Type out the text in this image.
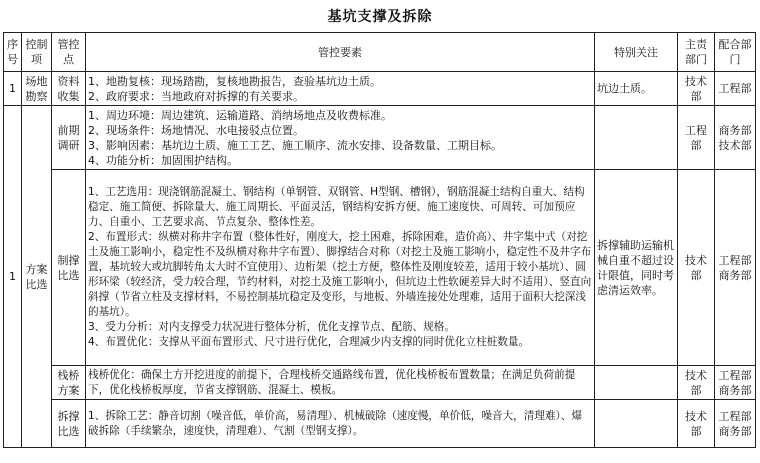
基坑支撑及拆除
序号	控制项	管控点	管控要素	特别关注	主责部门	配合部门
1	场地勘察	资料收集	1、地勘复核：现场踏勘，复核地勘报告，查验基坑边土质。
2、政府要求：当地政府对拆撑的有关要求。	坑边土质。	技术部	工程部
1	方案比选	前期调研	1、周边环境：周边建筑、运输道路、消纳场地点及收费标准。
2、现场条件：场地情况、水电接驳点位置。
3、影响因素：基坑边土质、施工工艺、施工顺序、流水安排、设备数量、工期目标。
4、功能分析：加固围护结构。		工程部	商务部 技术部
		制撑比选	1、工艺选用：现浇钢筋混凝土、钢结构（单钢管、双钢管、H型钢、槽钢），钢筋混凝土结构自重大、结构稳定、施工简便、拆除量大、施工周期长、平面灵活，钢结构安拆方便、施工速度快、可周转、可加预应力、自重小、工艺要求高、节点复杂、整体性差。
2、布置形式：纵横对称井字布置（整体性好，刚度大，挖土困难，拆除困难，造价高）、井字集中式（对挖土及施工影响小，稳定性不及纵横对称井字布置）、脚撑结合对称（对挖土及施工影响小，稳定性不及井字布置，基坑较大或坑脚转角太大时不宜使用）、边桁架（挖土方便，整体性及刚度较差，适用于较小基坑）、圆形环梁（较经济，受力较合理，节约材料，对挖土及施工影响小，但坑边土性软硬差异大时不适用）、竖直向斜撑（节省立柱及支撑材料，不易控制基坑稳定及变形，与地板、外墙连接处处理难，适用于面积大挖深浅的基坑）。
3、受力分析：对内支撑受力状况进行整体分析，优化支撑节点、配筋、规格。
4、布置优化：支撑从平面布置形式、尺寸进行优化，合理减少内支撑的同时优化立柱桩数量。	拆撑辅助运输机械自重不超过设计限值，同时考虑清运效率。	技术部	工程部 商务部
		栈桥方案	栈桥优化：确保土方开挖进度的前提下，合理栈桥交通路线布置，优化栈桥板布置数量；在满足负荷前提下，优化栈桥板厚度，节省支撑钢筋、混凝土、模板。		技术部	工程部 商务部
		拆撑比选	1、拆除工艺：静音切割（噪音低，单价高，易清理）、机械破除（速度慢，单价低，噪音大，清理难）、爆破拆除（手续繁杂，速度快，清理难）、气割（型钢支撑）。		技术部	工程部 商务部
